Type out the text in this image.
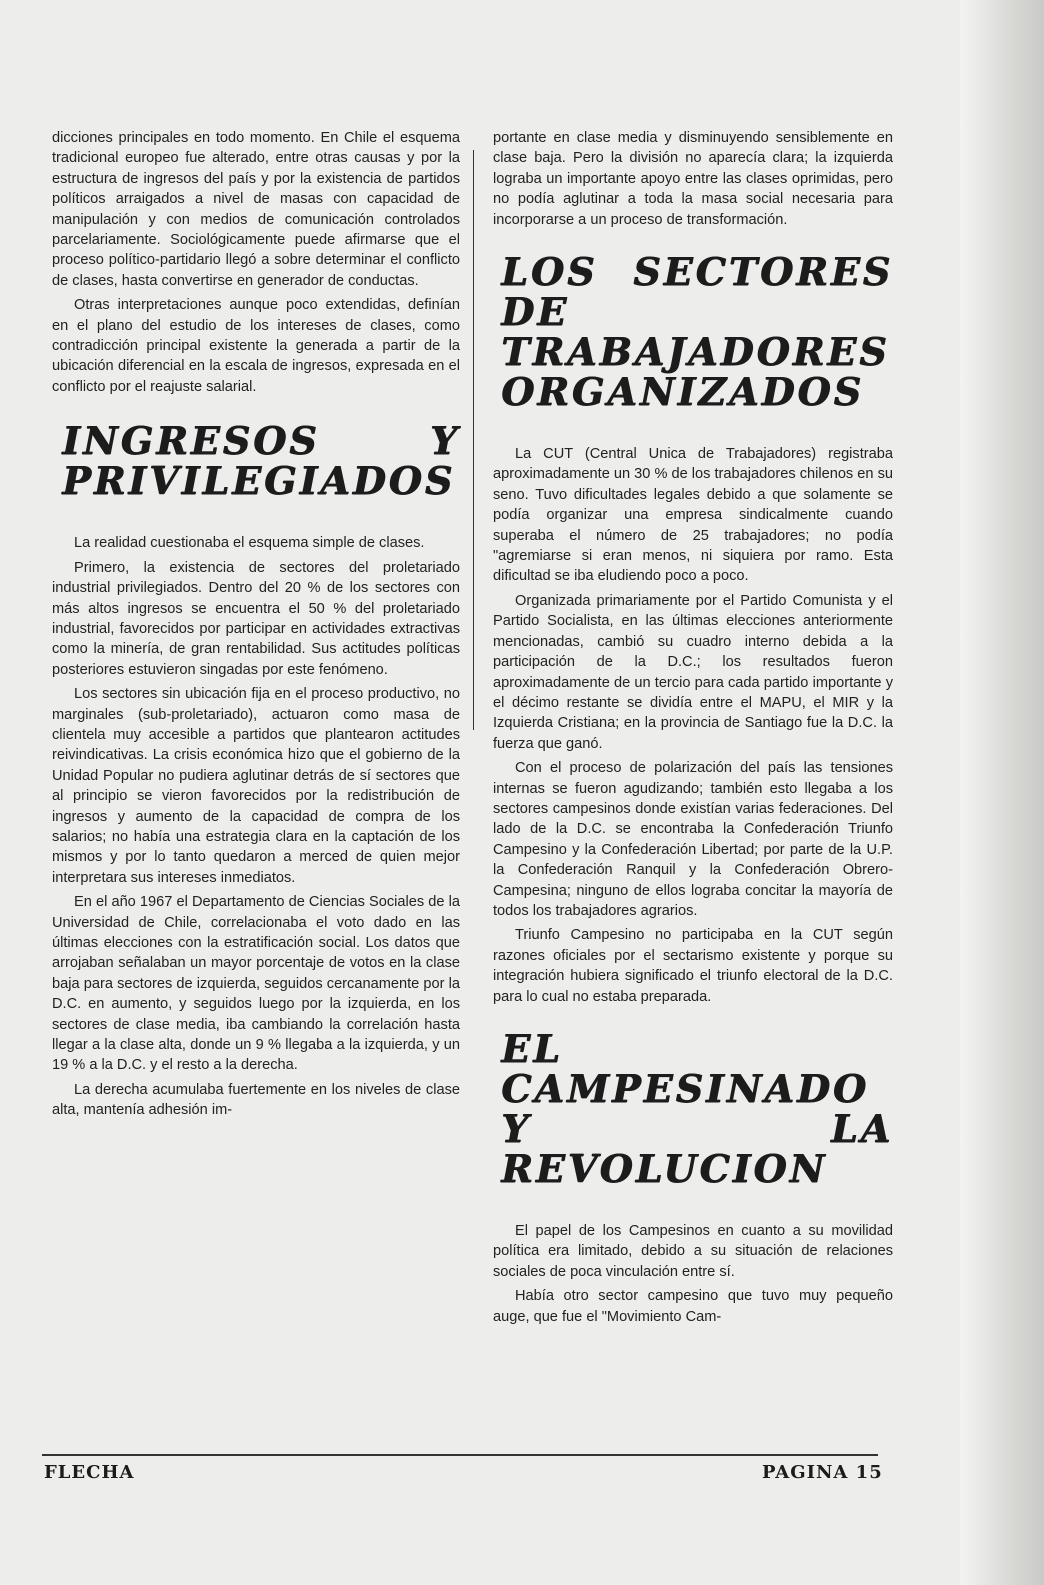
dicciones principales en todo momento. En Chile el esquema tradicional europeo fue alterado, entre otras causas y por la estructura de ingresos del país y por la existencia de partidos políticos arraigados a nivel de masas con capacidad de manipulación y con medios de comunicación controlados parcelariamente. Sociológicamente puede afirmarse que el proceso político-partidario llegó a sobre determinar el conflicto de clases, hasta convertirse en generador de conductas.

Otras interpretaciones aunque poco extendidas, definían en el plano del estudio de los intereses de clases, como contradicción principal existente la generada a partir de la ubicación diferencial en la escala de ingresos, expresada en el conflicto por el reajuste salarial.

INGRESOS Y PRIVILEGIADOS

La realidad cuestionaba el esquema simple de clases.

Primero, la existencia de sectores del proletariado industrial privilegiados. Dentro del 20 % de los sectores con más altos ingresos se encuentra el 50 % del proletariado industrial, favorecidos por participar en actividades extractivas como la minería, de gran rentabilidad. Sus actitudes políticas posteriores estuvieron singadas por este fenómeno.

Los sectores sin ubicación fija en el proceso productivo, no marginales (sub-proletariado), actuaron como masa de clientela muy accesible a partidos que plantearon actitudes reivindicativas. La crisis económica hizo que el gobierno de la Unidad Popular no pudiera aglutinar detrás de sí sectores que al principio se vieron favorecidos por la redistribución de ingresos y aumento de la capacidad de compra de los salarios; no había una estrategia clara en la captación de los mismos y por lo tanto quedaron a merced de quien mejor interpretara sus intereses inmediatos.

En el año 1967 el Departamento de Ciencias Sociales de la Universidad de Chile, correlacionaba el voto dado en las últimas elecciones con la estratificación social. Los datos que arrojaban señalaban un mayor porcentaje de votos en la clase baja para sectores de izquierda, seguidos cercanamente por la D.C. en aumento, y seguidos luego por la izquierda, en los sectores de clase media, iba cambiando la correlación hasta llegar a la clase alta, donde un 9 % llegaba a la izquierda, y un 19 % a la D.C. y el resto a la derecha.

La derecha acumulaba fuertemente en los niveles de clase alta, mantenía adhesión im-

portante en clase media y disminuyendo sensiblemente en clase baja. Pero la división no aparecía clara; la izquierda lograba un importante apoyo entre las clases oprimidas, pero no podía aglutinar a toda la masa social necesaria para incorporarse a un proceso de transformación.

LOS SECTORES DE TRABAJADORES ORGANIZADOS

La CUT (Central Unica de Trabajadores) registraba aproximadamente un 30 % de los trabajadores chilenos en su seno. Tuvo dificultades legales debido a que solamente se podía organizar una empresa sindicalmente cuando superaba el número de 25 trabajadores; no podía "agremiarse si eran menos, ni siquiera por ramo. Esta dificultad se iba eludiendo poco a poco.

Organizada primariamente por el Partido Comunista y el Partido Socialista, en las últimas elecciones anteriormente mencionadas, cambió su cuadro interno debida a la participación de la D.C.; los resultados fueron aproximadamente de un tercio para cada partido importante y el décimo restante se dividía entre el MAPU, el MIR y la Izquierda Cristiana; en la provincia de Santiago fue la D.C. la fuerza que ganó.

Con el proceso de polarización del país las tensiones internas se fueron agudizando; también esto llegaba a los sectores campesinos donde existían varias federaciones. Del lado de la D.C. se encontraba la Confederación Triunfo Campesino y la Confederación Libertad; por parte de la U.P. la Confederación Ranquil y la Confederación Obrero-Campesina; ninguno de ellos lograba concitar la mayoría de todos los trabajadores agrarios.

Triunfo Campesino no participaba en la CUT según razones oficiales por el sectarismo existente y porque su integración hubiera significado el triunfo electoral de la D.C. para lo cual no estaba preparada.

EL CAMPESINADO Y LA REVOLUCION

El papel de los Campesinos en cuanto a su movilidad política era limitado, debido a su situación de relaciones sociales de poca vinculación entre sí.

Había otro sector campesino que tuvo muy pequeño auge, que fue el "Movimiento Cam-

FLECHA	PAGINA 15
